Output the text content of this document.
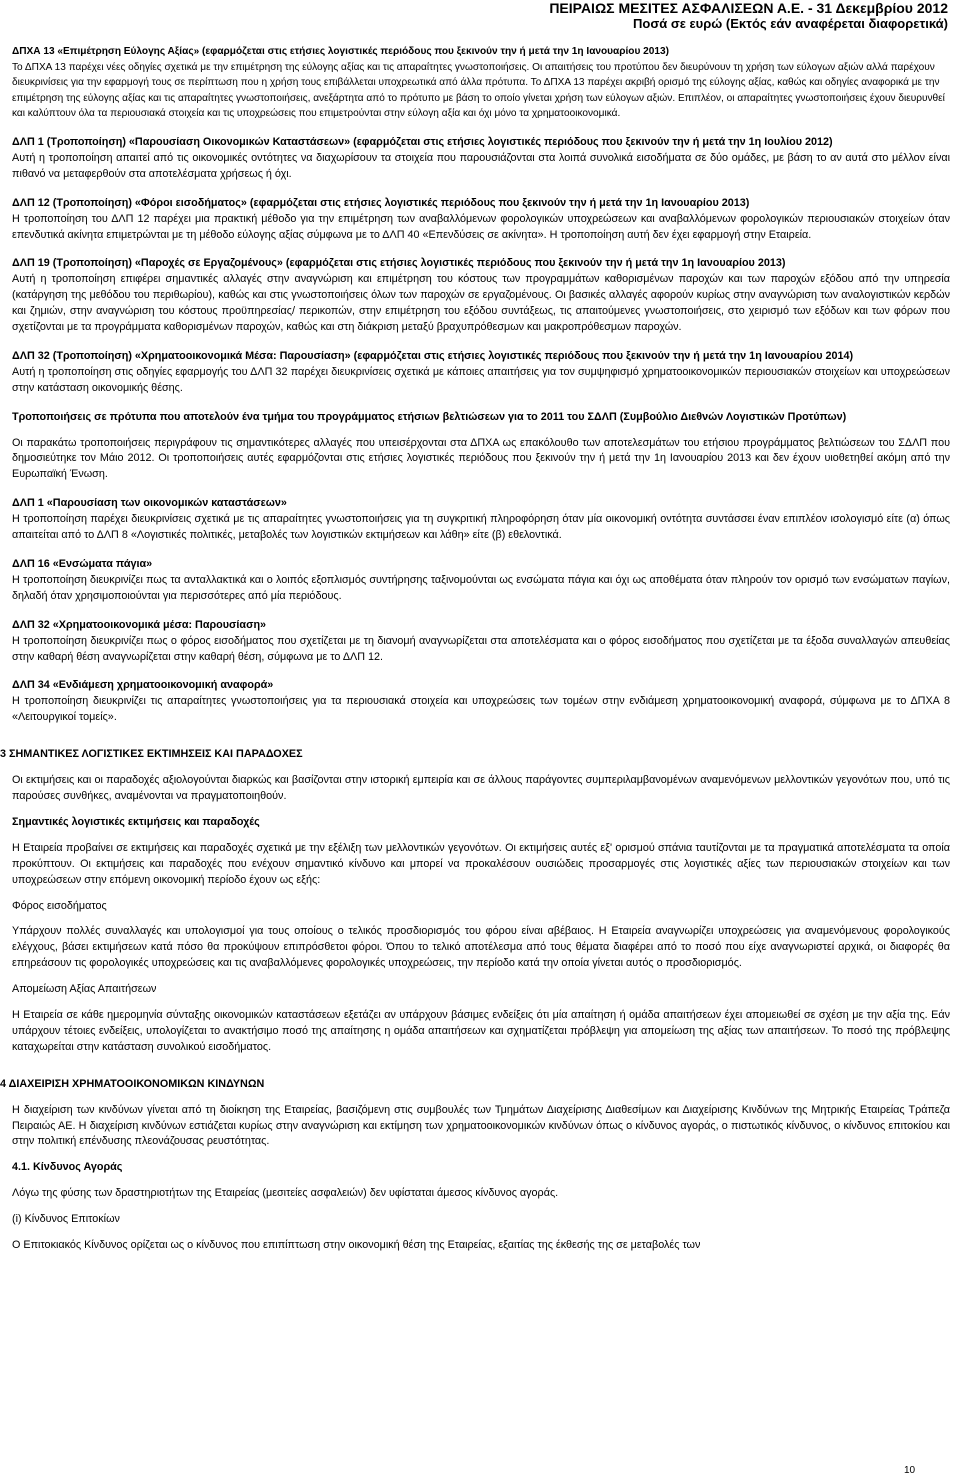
ΠΕΙΡΑΙΩΣ ΜΕΣΙΤΕΣ ΑΣΦΑΛΙΣΕΩΝ Α.Ε. - 31 Δεκεμβρίου 2012
Ποσά σε ευρώ (Εκτός εάν αναφέρεται διαφορετικά)

ΔΠΧΑ 13 «Επιμέτρηση Εύλογης Αξίας» (εφαρμόζεται στις ετήσιες λογιστικές περιόδους που ξεκινούν την ή μετά την 1η Ιανουαρίου 2013)

Το ΔΠΧΑ 13 παρέχει νέες οδηγίες σχετικά με την επιμέτρηση της εύλογης αξίας και τις απαραίτητες γνωστοποιήσεις. Οι απαιτήσεις του προτύπου δεν διευρύνουν τη χρήση των εύλογων αξιών αλλά παρέχουν διευκρινίσεις για την εφαρμογή τους σε περίπτωση που η χρήση τους επιβάλλεται υποχρεωτικά από άλλα πρότυπα. Το ΔΠΧΑ 13 παρέχει ακριβή ορισμό της εύλογης αξίας, καθώς και οδηγίες αναφορικά με την επιμέτρηση της εύλογης αξίας και τις απαραίτητες γνωστοποιήσεις, ανεξάρτητα από το πρότυπο με βάση το οποίο γίνεται χρήση των εύλογων αξιών. Επιπλέον, οι απαραίτητες γνωστοποιήσεις έχουν διευρυνθεί και καλύπτουν όλα τα περιουσιακά στοιχεία και τις υποχρεώσεις που επιμετρούνται στην εύλογη αξία και όχι μόνο τα χρηματοοικονομικά.

ΔΛΠ 1 (Τροποποίηση) «Παρουσίαση Οικονομικών Καταστάσεων» (εφαρμόζεται στις ετήσιες λογιστικές περιόδους που ξεκινούν την ή μετά την 1η Ιουλίου 2012)

Αυτή η τροποποίηση απαιτεί από τις οικονομικές οντότητες να διαχωρίσουν τα στοιχεία που παρουσιάζονται στα λοιπά συνολικά εισοδήματα σε δύο ομάδες, με βάση το αν αυτά στο μέλλον είναι πιθανό να μεταφερθούν στα αποτελέσματα χρήσεως ή όχι.

ΔΛΠ 12 (Τροποποίηση) «Φόροι εισοδήματος» (εφαρμόζεται στις ετήσιες λογιστικές περιόδους που ξεκινούν την ή μετά την 1η Ιανουαρίου 2013)

Η τροποποίηση του ΔΛΠ 12 παρέχει μια πρακτική μέθοδο για την επιμέτρηση των αναβαλλόμενων φορολογικών υποχρεώσεων και αναβαλλόμενων φορολογικών περιουσιακών στοιχείων όταν επενδυτικά ακίνητα επιμετρώνται με τη μέθοδο εύλογης αξίας σύμφωνα με το ΔΛΠ 40 «Επενδύσεις σε ακίνητα». Η τροποποίηση αυτή δεν έχει εφαρμογή στην Εταιρεία.

ΔΛΠ 19 (Τροποποίηση) «Παροχές σε Εργαζομένους» (εφαρμόζεται στις ετήσιες λογιστικές περιόδους που ξεκινούν την ή μετά την 1η Ιανουαρίου 2013)

Αυτή η τροποποίηση επιφέρει σημαντικές αλλαγές στην αναγνώριση και επιμέτρηση του κόστους των προγραμμάτων καθορισμένων παροχών και των παροχών εξόδου από την υπηρεσία (κατάργηση της μεθόδου του περιθωρίου), καθώς και στις γνωστοποιήσεις όλων των παροχών σε εργαζομένους. Οι βασικές αλλαγές αφορούν κυρίως στην αναγνώριση των αναλογιστικών κερδών και ζημιών, στην αναγνώριση του κόστους προϋπηρεσίας/ περικοπών, στην επιμέτρηση του εξόδου συντάξεως, τις απαιτούμενες γνωστοποιήσεις, στο χειρισμό των εξόδων και των φόρων που σχετίζονται με τα προγράμματα καθορισμένων παροχών, καθώς και στη διάκριση μεταξύ βραχυπρόθεσμων και μακροπρόθεσμων παροχών.

ΔΛΠ 32 (Τροποποίηση) «Χρηματοοικονομικά Μέσα: Παρουσίαση» (εφαρμόζεται στις ετήσιες λογιστικές περιόδους που ξεκινούν την ή μετά την 1η Ιανουαρίου 2014)

Αυτή η τροποποίηση στις οδηγίες εφαρμογής του ΔΛΠ 32 παρέχει διευκρινίσεις σχετικά με κάποιες απαιτήσεις για τον συμψηφισμό χρηματοοικονομικών περιουσιακών στοιχείων και υποχρεώσεων στην κατάσταση οικονομικής θέσης.

Τροποποιήσεις σε πρότυπα που αποτελούν ένα τμήμα του προγράμματος ετήσιων βελτιώσεων για το 2011 του ΣΔΛΠ (Συμβούλιο Διεθνών Λογιστικών Προτύπων)

Οι παρακάτω τροποποιήσεις περιγράφουν τις σημαντικότερες αλλαγές που υπεισέρχονται στα ΔΠΧΑ ως επακόλουθο των αποτελεσμάτων του ετήσιου προγράμματος βελτιώσεων του ΣΔΛΠ που δημοσιεύτηκε τον Μάιο 2012. Οι τροποποιήσεις αυτές εφαρμόζονται στις ετήσιες λογιστικές περιόδους που ξεκινούν την ή μετά την 1η Ιανουαρίου 2013 και δεν έχουν υιοθετηθεί ακόμη από την Ευρωπαϊκή Ένωση.

ΔΛΠ 1 «Παρουσίαση των οικονομικών καταστάσεων»

Η τροποποίηση παρέχει διευκρινίσεις σχετικά με τις απαραίτητες γνωστοποιήσεις για τη συγκριτική πληροφόρηση όταν μία οικονομική οντότητα συντάσσει έναν επιπλέον ισολογισμό είτε (α) όπως απαιτείται από το ΔΛΠ 8 «Λογιστικές πολιτικές, μεταβολές των λογιστικών εκτιμήσεων και λάθη» είτε (β) εθελοντικά.

ΔΛΠ 16 «Ενσώματα πάγια»

Η τροποποίηση διευκρινίζει πως τα ανταλλακτικά και ο λοιπός εξοπλισμός συντήρησης ταξινομούνται ως ενσώματα πάγια και όχι ως αποθέματα όταν πληρούν τον ορισμό των ενσώματων παγίων, δηλαδή όταν χρησιμοποιούνται για περισσότερες από μία περιόδους.

ΔΛΠ 32 «Χρηματοοικονομικά μέσα: Παρουσίαση»

Η τροποποίηση διευκρινίζει πως ο φόρος εισοδήματος που σχετίζεται με τη διανομή αναγνωρίζεται στα αποτελέσματα και ο φόρος εισοδήματος που σχετίζεται με τα έξοδα συναλλαγών απευθείας στην καθαρή θέση αναγνωρίζεται στην καθαρή θέση, σύμφωνα με το ΔΛΠ 12.

ΔΛΠ 34 «Ενδιάμεση χρηματοοικονομική αναφορά»

Η τροποποίηση διευκρινίζει τις απαραίτητες γνωστοποιήσεις για τα περιουσιακά στοιχεία και υποχρεώσεις των τομέων στην ενδιάμεση χρηματοοικονομική αναφορά, σύμφωνα με το ΔΠΧΑ 8 «Λειτουργικοί τομείς».

3 ΣΗΜΑΝΤΙΚΕΣ ΛΟΓΙΣΤΙΚΕΣ ΕΚΤΙΜΗΣΕΙΣ ΚΑΙ ΠΑΡΑΔΟΧΕΣ

Οι εκτιμήσεις και οι παραδοχές αξιολογούνται διαρκώς και βασίζονται στην ιστορική εμπειρία και σε άλλους παράγοντες συμπεριλαμβανομένων αναμενόμενων μελλοντικών γεγονότων που, υπό τις παρούσες συνθήκες, αναμένονται να πραγματοποιηθούν.

Σημαντικές λογιστικές εκτιμήσεις και παραδοχές

Η Εταιρεία προβαίνει σε εκτιμήσεις και παραδοχές σχετικά με την εξέλιξη των μελλοντικών γεγονότων. Οι εκτιμήσεις αυτές εξ' ορισμού σπάνια ταυτίζονται με τα πραγματικά αποτελέσματα τα οποία προκύπτουν. Οι εκτιμήσεις και παραδοχές που ενέχουν σημαντικό κίνδυνο και μπορεί να προκαλέσουν ουσιώδεις προσαρμογές στις λογιστικές αξίες των περιουσιακών στοιχείων και των υποχρεώσεων στην επόμενη οικονομική περίοδο έχουν ως εξής:

Φόρος εισοδήματος

Υπάρχουν πολλές συναλλαγές και υπολογισμοί για τους οποίους ο τελικός προσδιορισμός του φόρου είναι αβέβαιος. Η Εταιρεία αναγνωρίζει υποχρεώσεις για αναμενόμενους φορολογικούς ελέγχους, βάσει εκτιμήσεων κατά πόσο θα προκύψουν επιπρόσθετοι φόροι. Όπου το τελικό αποτέλεσμα από τους θέματα διαφέρει από το ποσό που είχε αναγνωριστεί αρχικά, οι διαφορές θα επηρεάσουν τις φορολογικές υποχρεώσεις και τις αναβαλλόμενες φορολογικές υποχρεώσεις, την περίοδο κατά την οποία γίνεται αυτός ο προσδιορισμός.

Απομείωση Αξίας Απαιτήσεων

Η Εταιρεία σε κάθε ημερομηνία σύνταξης οικονομικών καταστάσεων εξετάζει αν υπάρχουν βάσιμες ενδείξεις ότι μία απαίτηση ή ομάδα απαιτήσεων έχει απομειωθεί σε σχέση με την αξία της. Εάν υπάρχουν τέτοιες ενδείξεις, υπολογίζεται το ανακτήσιμο ποσό της απαίτησης η ομάδα απαιτήσεων και σχηματίζεται πρόβλεψη για απομείωση της αξίας των απαιτήσεων. Το ποσό της πρόβλεψης καταχωρείται στην κατάσταση συνολικού εισοδήματος.

4 ΔΙΑΧΕΙΡΙΣΗ ΧΡΗΜΑΤΟΟΙΚΟΝΟΜΙΚΩΝ ΚΙΝΔΥΝΩΝ

Η διαχείριση των κινδύνων γίνεται από τη διοίκηση της Εταιρείας, βασιζόμενη στις συμβουλές των Τμημάτων Διαχείρισης Διαθεσίμων και Διαχείρισης Κινδύνων της Μητρικής Εταιρείας Τράπεζα Πειραιώς ΑΕ. Η διαχείριση κινδύνων εστιάζεται κυρίως στην αναγνώριση και εκτίμηση των χρηματοοικονομικών κινδύνων όπως ο κίνδυνος αγοράς, ο πιστωτικός κίνδυνος, ο κίνδυνος επιτοκίου και στην πολιτική επένδυσης πλεονάζουσας ρευστότητας.

4.1. Κίνδυνος Αγοράς

Λόγω της φύσης των δραστηριοτήτων της Εταιρείας (μεσιτείες ασφαλειών) δεν υφίσταται άμεσος κίνδυνος αγοράς.

(i) Κίνδυνος Επιτοκίων

Ο Επιτοκιακός Κίνδυνος ορίζεται ως ο κίνδυνος που επιπίπτωση στην οικονομική θέση της Εταιρείας, εξαιτίας της έκθεσής της σε μεταβολές των

10
